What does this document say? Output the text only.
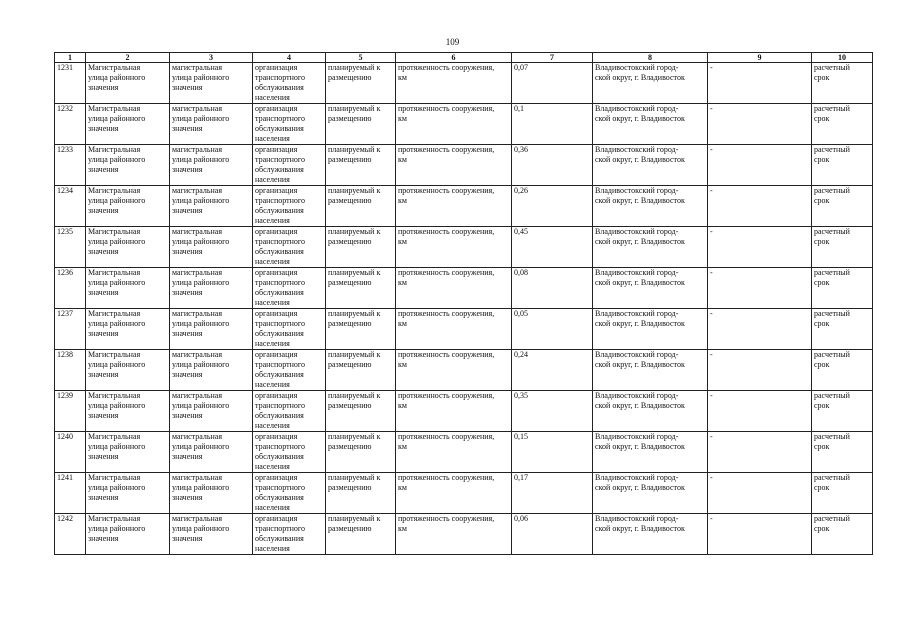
109
1	2	3	4	5	6	7	8	9	10
1231	Магистральная
улица районного
значения	магистральная
улица районного
значения	организация
транспортного
обслуживания
населения	планируемый к
размещению	протяженность сооружения,
км	0,07	Владивостокский город-
ской округ, г. Владивосток	-	расчетный
срок
1232	Магистральная
улица районного
значения	магистральная
улица районного
значения	организация
транспортного
обслуживания
населения	планируемый к
размещению	протяженность сооружения,
км	0,1	Владивостокский город-
ской округ, г. Владивосток	-	расчетный
срок
1233	Магистральная
улица районного
значения	магистральная
улица районного
значения	организация
транспортного
обслуживания
населения	планируемый к
размещению	протяженность сооружения,
км	0,36	Владивостокский город-
ской округ, г. Владивосток	-	расчетный
срок
1234	Магистральная
улица районного
значения	магистральная
улица районного
значения	организация
транспортного
обслуживания
населения	планируемый к
размещению	протяженность сооружения,
км	0,26	Владивостокский город-
ской округ, г. Владивосток	-	расчетный
срок
1235	Магистральная
улица районного
значения	магистральная
улица районного
значения	организация
транспортного
обслуживания
населения	планируемый к
размещению	протяженность сооружения,
км	0,45	Владивостокский город-
ской округ, г. Владивосток	-	расчетный
срок
1236	Магистральная
улица районного
значения	магистральная
улица районного
значения	организация
транспортного
обслуживания
населения	планируемый к
размещению	протяженность сооружения,
км	0,08	Владивостокский город-
ской округ, г. Владивосток	-	расчетный
срок
1237	Магистральная
улица районного
значения	магистральная
улица районного
значения	организация
транспортного
обслуживания
населения	планируемый к
размещению	протяженность сооружения,
км	0,05	Владивостокский город-
ской округ, г. Владивосток	-	расчетный
срок
1238	Магистральная
улица районного
значения	магистральная
улица районного
значения	организация
транспортного
обслуживания
населения	планируемый к
размещению	протяженность сооружения,
км	0,24	Владивостокский город-
ской округ, г. Владивосток	-	расчетный
срок
1239	Магистральная
улица районного
значения	магистральная
улица районного
значения	организация
транспортного
обслуживания
населения	планируемый к
размещению	протяженность сооружения,
км	0,35	Владивостокский город-
ской округ, г. Владивосток	-	расчетный
срок
1240	Магистральная
улица районного
значения	магистральная
улица районного
значения	организация
транспортного
обслуживания
населения	планируемый к
размещению	протяженность сооружения,
км	0,15	Владивостокский город-
ской округ, г. Владивосток	-	расчетный
срок
1241	Магистральная
улица районного
значения	магистральная
улица районного
значения	организация
транспортного
обслуживания
населения	планируемый к
размещению	протяженность сооружения,
км	0,17	Владивостокский город-
ской округ, г. Владивосток	-	расчетный
срок
1242	Магистральная
улица районного
значения	магистральная
улица районного
значения	организация
транспортного
обслуживания
населения	планируемый к
размещению	протяженность сооружения,
км	0,06	Владивостокский город-
ской округ, г. Владивосток	-	расчетный
срок
